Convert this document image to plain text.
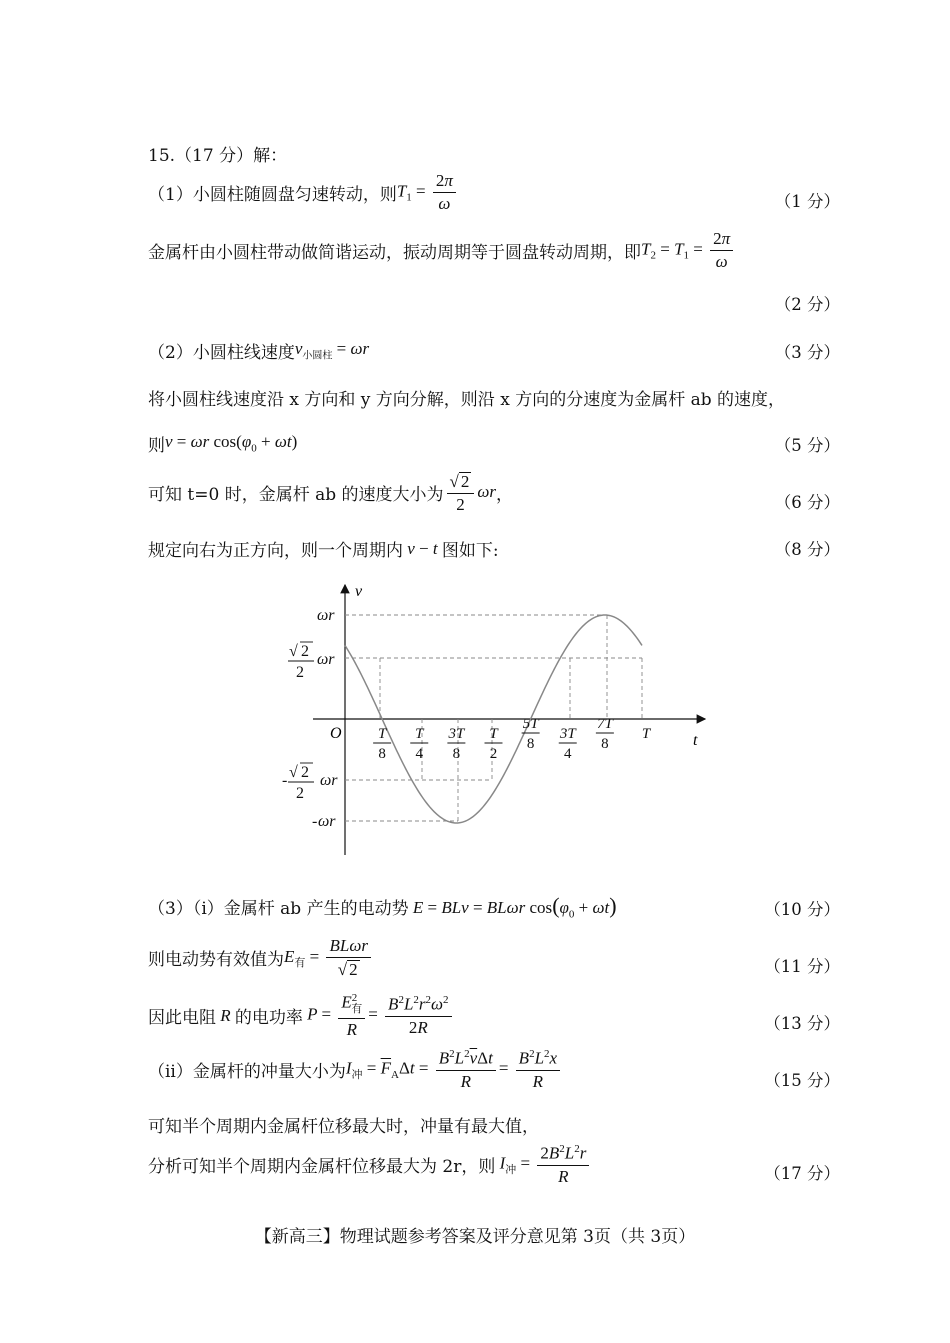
15.（17 分）解：
（1）小圆柱随圆盘匀速转动，则 $T_1 = \frac{2\pi}{\omega}$	（1 分）
金属杆由小圆柱带动做简谐运动，振动周期等于圆盘转动周期，即 $T_2 = T_1 = \frac{2\pi}{\omega}$
（2 分）
（2）小圆柱线速度 $v_{小圆柱} = \omega r$	（3 分）
将小圆柱线速度沿 x 方向和 y 方向分解，则沿 x 方向的分速度为金属杆 ab 的速度，
则 v = ωr $\cos(\varphi_0 + \omega t)$	（5 分）
可知 t=0 时，金属杆 ab 的速度大小为 $\frac{√ 2}{2}$ ωr ，	（6 分）
规定向右为正方向，则一个周期内 v − t 图如下:	（8 分）
v
t
O
ωr
√ 2
2
ωr
- √ 2
2
ωr
- ωr
T
8
T
4
3T
8
T
2
5T
8
3T
4
7T
8
T
（3）（i）金属杆 ab 产生的电动势 E = BLv = BLωr $\cos(\varphi_0 + \omega t)$	（10 分）
则电动势有效值为 $E_有 = \frac{\text{BLωr}}{√ 2}$	（11 分）
因此电阻 R 的电功率 $P = \frac{E^2_有}{R} = \frac{B^2L^2r^2\omega^2}{2R}$	（13 分）
（ii）金属杆的冲量大小为 $I_冲 = \overline{F}_A\Delta t = \frac{B^2L^2\overline{v}\Delta t}{R} = \frac{B^2L^2x}{R}$	（15 分）
可知半个周期内金属杆位移最大时，冲量有最大值，
分析可知半个周期内金属杆位移最大为 2r，则 $I_冲 = \frac{2B^2L^2r}{R}$	（17 分）
【新高三】物理试题参考答案及评分意见第 3页（共 3页）
